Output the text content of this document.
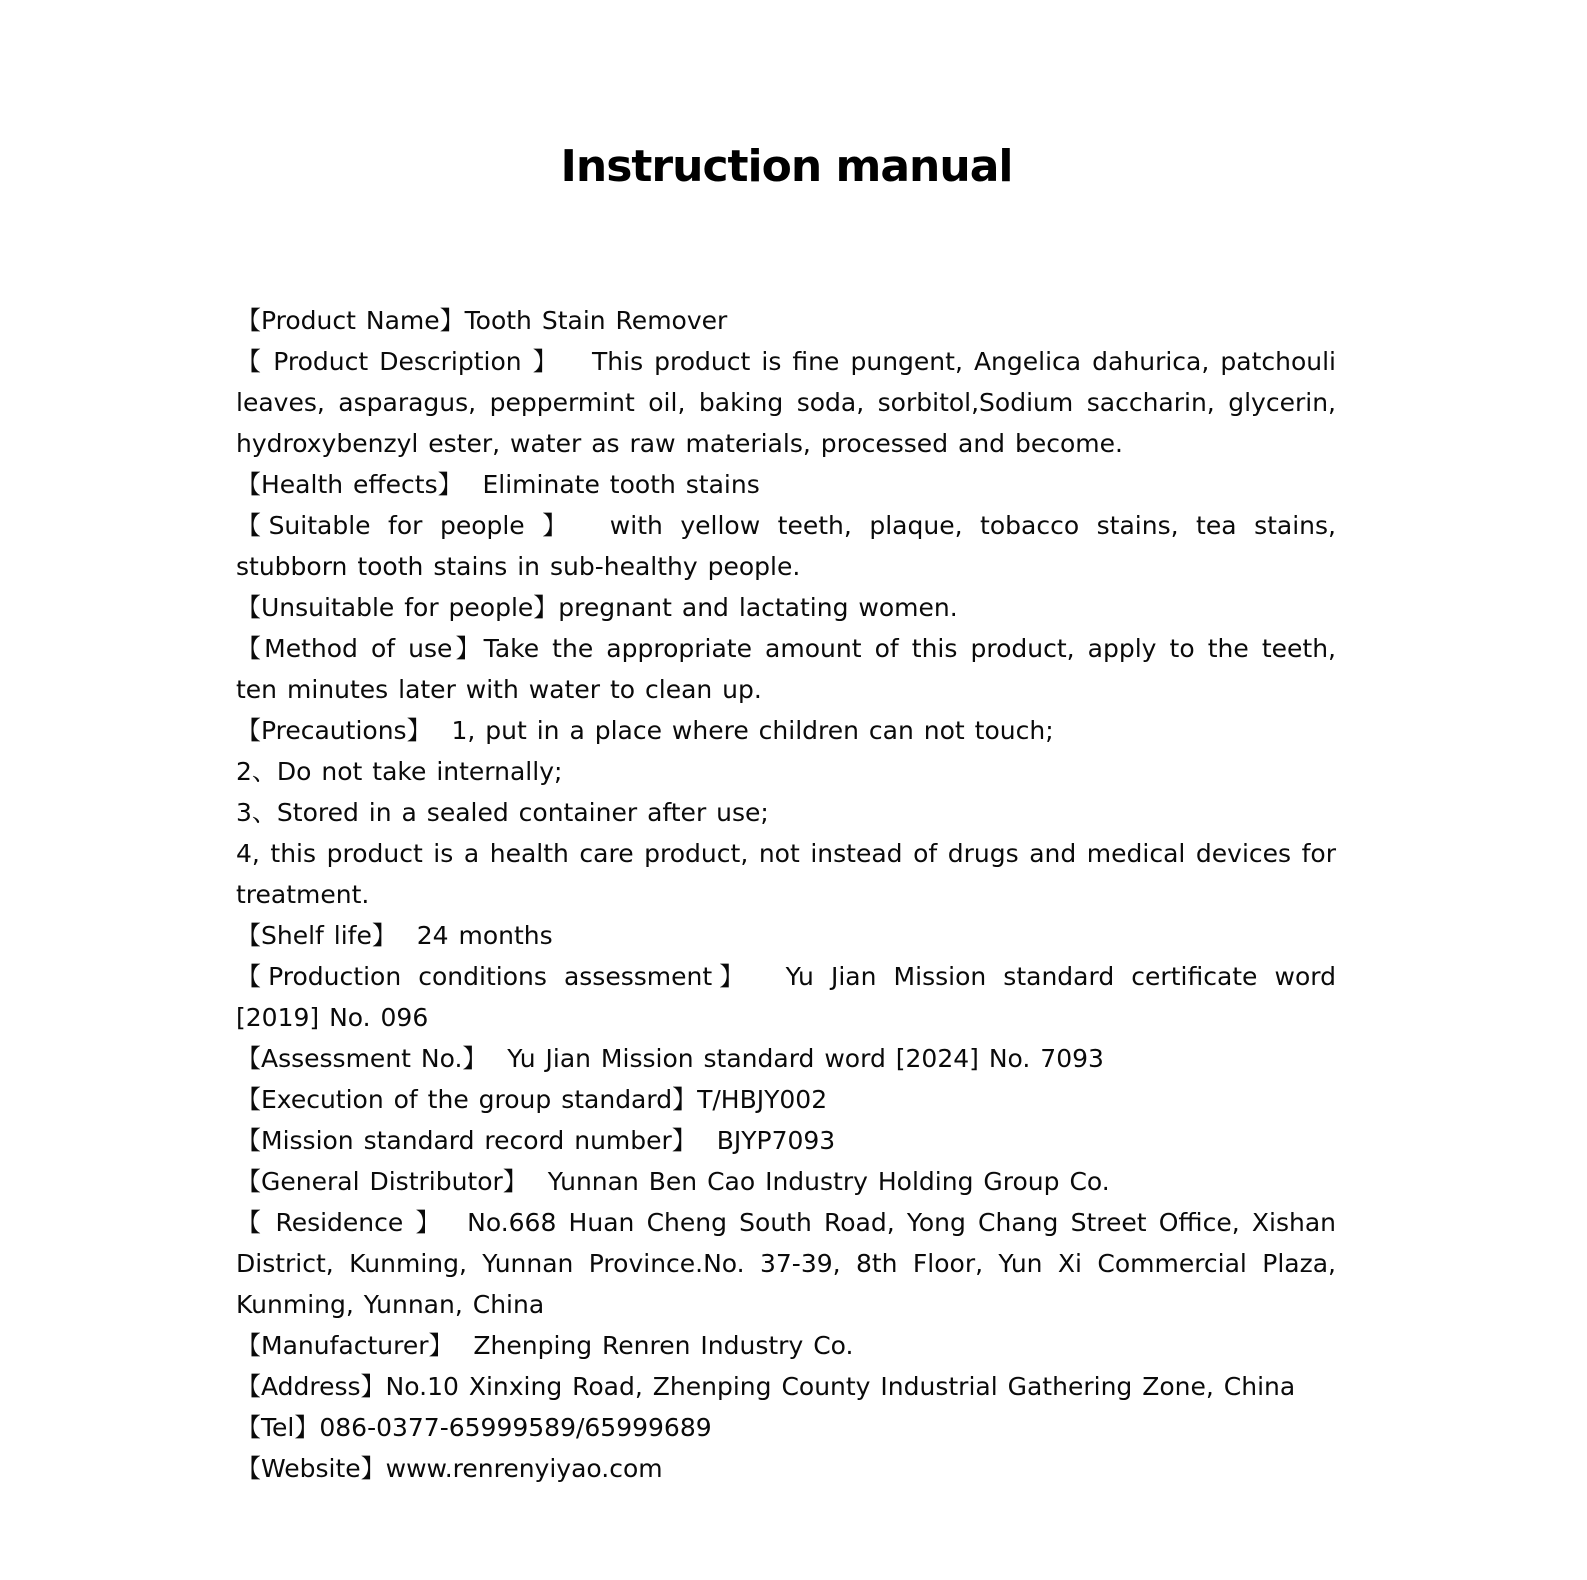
Instruction manual

【Product Name】Tooth Stain Remover

【 Product Description 】   This product is fine pungent, Angelica dahurica, patchouli leaves, asparagus, peppermint oil, baking soda, sorbitol,Sodium saccharin, glycerin, hydroxybenzyl ester, water as raw materials, processed and become.

【Health effects】  Eliminate tooth stains

【Suitable for people 】  with yellow teeth, plaque, tobacco stains, tea stains, stubborn tooth stains in sub-healthy people.

【Unsuitable for people】pregnant and lactating women.

【Method of use】Take the appropriate amount of this product, apply to the teeth, ten minutes later with water to clean up.

【Precautions】  1, put in a place where children can not touch;

2、Do not take internally;

3、Stored in a sealed container after use;

4, this product is a health care product, not instead of drugs and medical devices for treatment.

【Shelf life】  24 months

【Production conditions assessment】  Yu Jian Mission standard certificate word [2019] No. 096

【Assessment No.】  Yu Jian Mission standard word [2024] No. 7093

【Execution of the group standard】T/HBJY002

【Mission standard record number】  BJYP7093

【General Distributor】  Yunnan Ben Cao Industry Holding Group Co.

【 Residence 】  No.668 Huan Cheng South Road, Yong Chang Street Office, Xishan District, Kunming, Yunnan Province.No. 37-39, 8th Floor, Yun Xi Commercial Plaza, Kunming, Yunnan, China

【Manufacturer】  Zhenping Renren Industry Co.

【Address】No.10 Xinxing Road, Zhenping County Industrial Gathering Zone, China

【Tel】086-0377-65999589/65999689

【Website】www.renrenyiyao.com
